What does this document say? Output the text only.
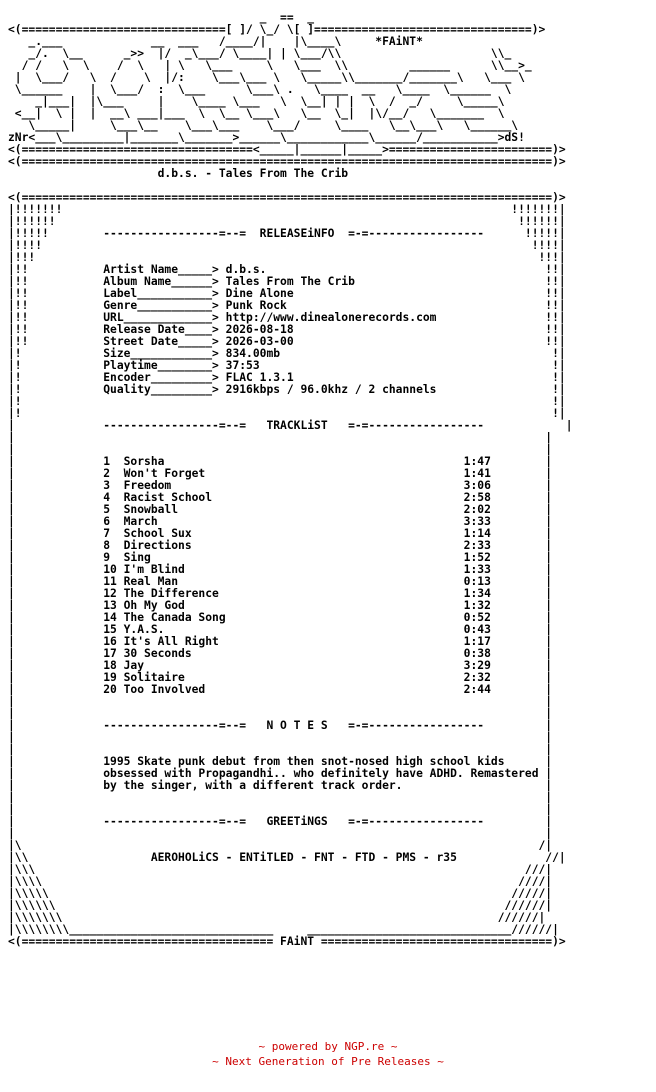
_  ==  _
<(==============================[ ]/ \_/ \[ ]================================)>
_.___             __  ___   /____/|    |\____\     *FAiNT*
_/.  \__      _>>  |/  _\___/ \____| | \___/\\                      \\_
/ /   \  \    /  \   | \   \___     \   \___  \\         ______      \\__>_
|  \___/   \  /    \  |/:    \___\___ \   \_____\\_______/_______\   \___ \
\______    |  \___/  :  \___      \___\ .   \____  __   \____  \______  \
_|___|  |\___     |    \____ \___   \  \__| | |  \  /  _/     \_____\
<__|  \ |  |  __\ ___|___  \  \__ \___\   \__  \_|  |\/__/   \_______  \
\_____|     \___\__    \___\___    \___/     \____   \__\___\   \______\
zNr<___\_________|_______\_______>______\____________\______/___________>dS!
<(==================================<_____|______|_____>========================)>
<(==============================================================================)>
d.b.s. - Tales From The Crib

<(==============================================================================)>
|!!!!!!!                                                                  !!!!!!!|
|!!!!!!                                                                    !!!!!!|
|!!!!!        -----------------=--=  RELEASEiNFO  =-=-----------------      !!!!!|
|!!!!                                                                        !!!!|
|!!!                                                                          !!!|
|!!           Artist Name_____> d.b.s.                                         !!|
|!!           Album Name______> Tales From The Crib                            !!|
|!!           Label___________> Dine Alone                                     !!|
|!!           Genre___________> Punk Rock                                      !!|
|!!           URL_____________> http://www.dinealonerecords.com                !!|
|!!           Release Date____> 2026-08-18                                     !!|
|!!           Street Date_____> 2026-03-00                                     !!|
|!            Size____________> 834.00mb                                        !|
|!            Playtime________> 37:53                                           !|
|!            Encoder_________> FLAC 1.3.1                                      !|
|!            Quality_________> 2916kbps / 96.0khz / 2 channels                 !|
|!                                                                              !|
|!                                                                              !|
|             -----------------=--=   TRACKLiST   =-=-----------------            |
|                                                                              |
|                                                                              |
|             1  Sorsha                                            1:47        |
|             2  Won't Forget                                      1:41        |
|             3  Freedom                                           3:06        |
|             4  Racist School                                     2:58        |
|             5  Snowball                                          2:02        |
|             6  March                                             3:33        |
|             7  School Sux                                        1:14        |
|             8  Directions                                        2:33        |
|             9  Sing                                              1:52        |
|             10 I'm Blind                                         1:33        |
|             11 Real Man                                          0:13        |
|             12 The Difference                                    1:34        |
|             13 Oh My God                                         1:32        |
|             14 The Canada Song                                   0:52        |
|             15 Y.A.S.                                            0:43        |
|             16 It's All Right                                    1:17        |
|             17 30 Seconds                                        0:38        |
|             18 Jay                                               3:29        |
|             19 Solitaire                                         2:32        |
|             20 Too Involved                                      2:44        |
|                                                                              |
|                                                                              |
|             -----------------=--=   N O T E S   =-=-----------------         |
|                                                                              |
|                                                                              |
|             1995 Skate punk debut from then snot-nosed high school kids      |
|             obsessed with Propagandhi.. who definitely have ADHD. Remastered |
|             by the singer, with a different track order.                     |
|                                                                              |
|                                                                              |
|             -----------------=--=   GREETiNGS   =-=-----------------         |
|                                                                              |
|\                                                                            /|
|\\                  AEROHOLiCS - ENTiTLED - FNT - FTD - PMS - r35             //|
|\\\                                                                        ///|
|\\\\                                                                      ////|
|\\\\\                                                                    /////|
|\\\\\\                                                                  //////|
|\\\\\\\                                                                //////|
|\\\\\\\\______________________________     ______________________________//////|
<(===================================== FAiNT ==================================)>
~ powered by NGP.re ~
~ Next Generation of Pre Releases ~
